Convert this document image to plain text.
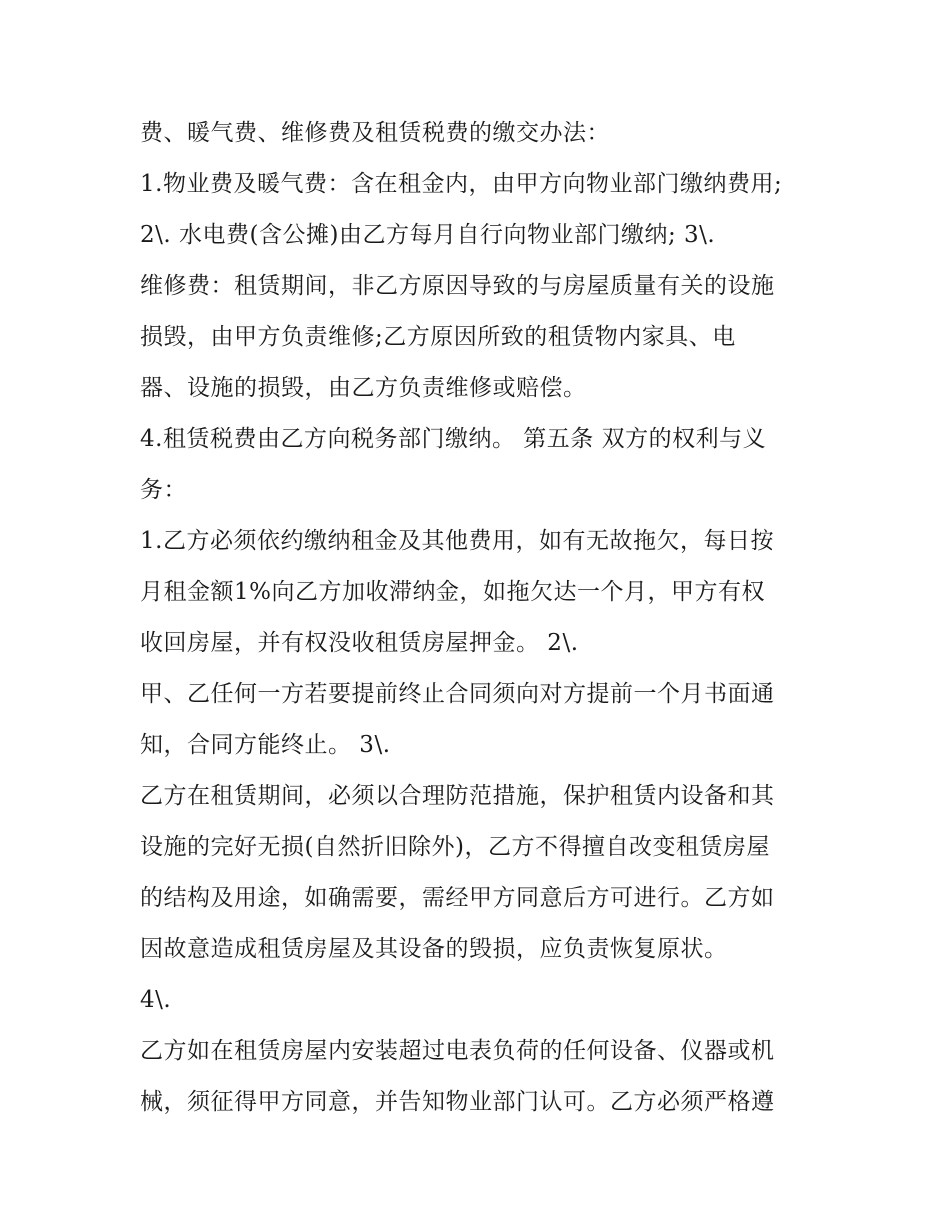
费、暖气费、维修费及租赁税费的缴交办法：
1.物业费及暖气费：含在租金内，由甲方向物业部门缴纳费用;
2\. 水电费(含公摊)由乙方每月自行向物业部门缴纳; 3\.
维修费：租赁期间，非乙方原因导致的与房屋质量有关的设施
损毁，由甲方负责维修;乙方原因所致的租赁物内家具、电
器、设施的损毁，由乙方负责维修或赔偿。
4.租赁税费由乙方向税务部门缴纳。 第五条 双方的权利与义
务：
1.乙方必须依约缴纳租金及其他费用，如有无故拖欠，每日按
月租金额1%向乙方加收滞纳金，如拖欠达一个月，甲方有权
收回房屋，并有权没收租赁房屋押金。 2\.
甲、乙任何一方若要提前终止合同须向对方提前一个月书面通
知，合同方能终止。 3\.
乙方在租赁期间，必须以合理防范措施，保护租赁内设备和其
设施的完好无损(自然折旧除外)，乙方不得擅自改变租赁房屋
的结构及用途，如确需要，需经甲方同意后方可进行。乙方如
因故意造成租赁房屋及其设备的毁损，应负责恢复原状。
4\.
乙方如在租赁房屋内安装超过电表负荷的任何设备、仪器或机
械，须征得甲方同意，并告知物业部门认可。乙方必须严格遵
